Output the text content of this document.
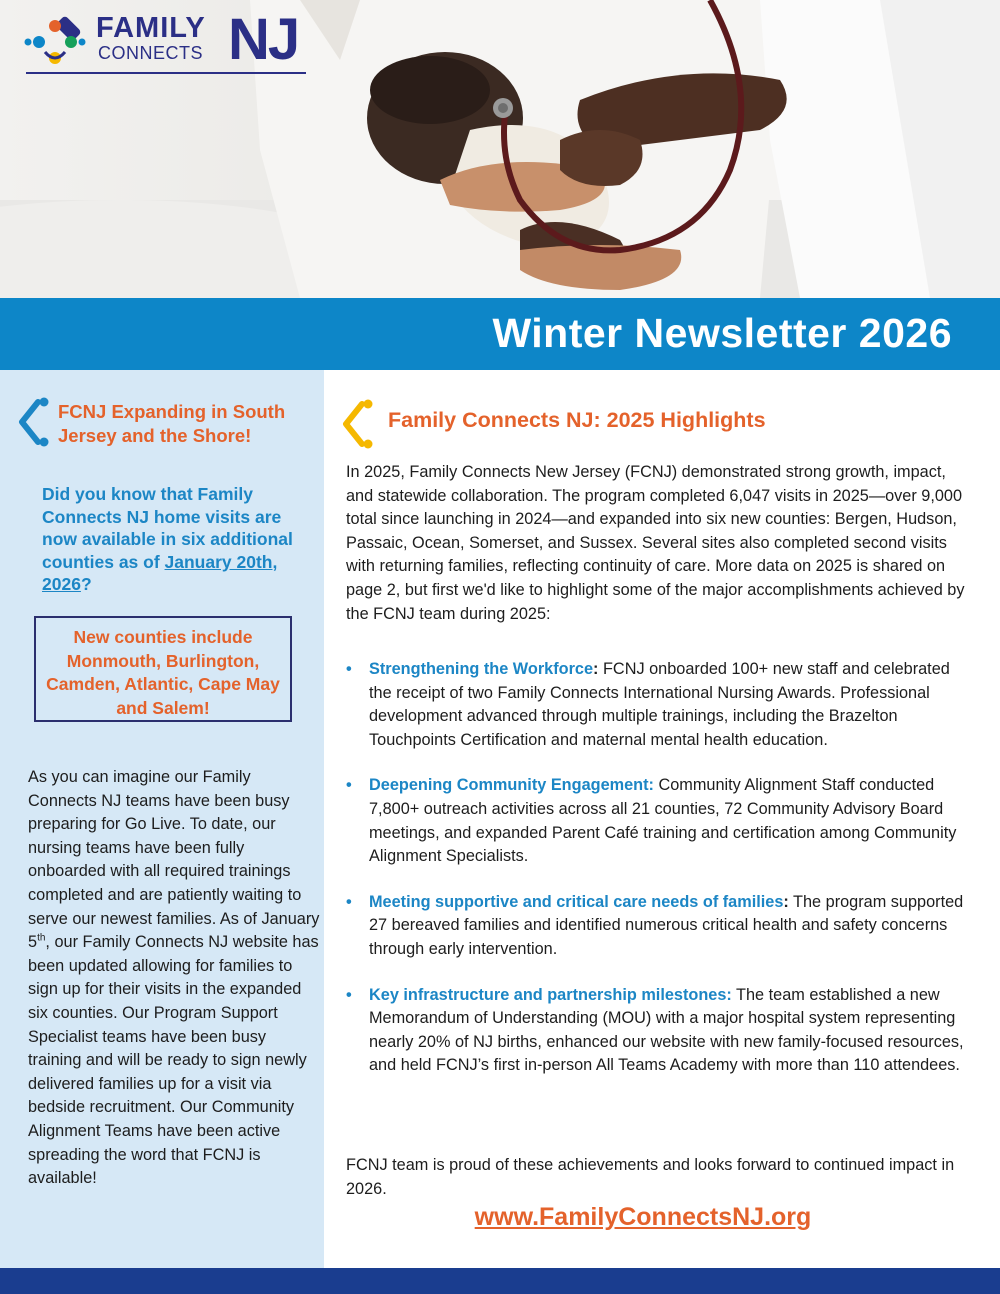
FAMILY
CONNECTS NJ
Winter Newsletter 2026
FCNJ Expanding in South Jersey and the Shore!
Did you know that Family Connects NJ home visits are now available in six additional counties as of January 20th, 2026?
New counties include Monmouth, Burlington, Camden, Atlantic, Cape May and Salem!
As you can imagine our Family Connects NJ teams have been busy preparing for Go Live. To date, our nursing teams have been fully onboarded with all required trainings completed and are patiently waiting to serve our newest families. As of January 5th, our Family Connects NJ website has been updated allowing for families to sign up for their visits in the expanded six counties. Our Program Support Specialist teams have been busy training and will be ready to sign newly delivered families up for a visit via bedside recruitment. Our Community Alignment Teams have been active spreading the word that FCNJ is available!
Family Connects NJ: 2025 Highlights
In 2025, Family Connects New Jersey (FCNJ) demonstrated strong growth, impact, and statewide collaboration. The program completed 6,047 visits in 2025—over 9,000 total since launching in 2024—and expanded into six new counties: Bergen, Hudson, Passaic, Ocean, Somerset, and Sussex. Several sites also completed second visits with returning families, reflecting continuity of care. More data on 2025 is shared on page 2, but first we'd like to highlight some of the major accomplishments achieved by the FCNJ team during 2025:
• Strengthening the Workforce: FCNJ onboarded 100+ new staff and celebrated the receipt of two Family Connects International Nursing Awards. Professional development advanced through multiple trainings, including the Brazelton Touchpoints Certification and maternal mental health education.
• Deepening Community Engagement: Community Alignment Staff conducted 7,800+ outreach activities across all 21 counties, 72 Community Advisory Board meetings, and expanded Parent Café training and certification among Community Alignment Specialists.
• Meeting supportive and critical care needs of families: The program supported 27 bereaved families and identified numerous critical health and safety concerns through early intervention.
• Key infrastructure and partnership milestones: The team established a new Memorandum of Understanding (MOU) with a major hospital system representing nearly 20% of NJ births, enhanced our website with new family-focused resources, and held FCNJ’s first in-person All Teams Academy with more than 110 attendees.
FCNJ team is proud of these achievements and looks forward to continued impact in 2026.
www.FamilyConnectsNJ.org
